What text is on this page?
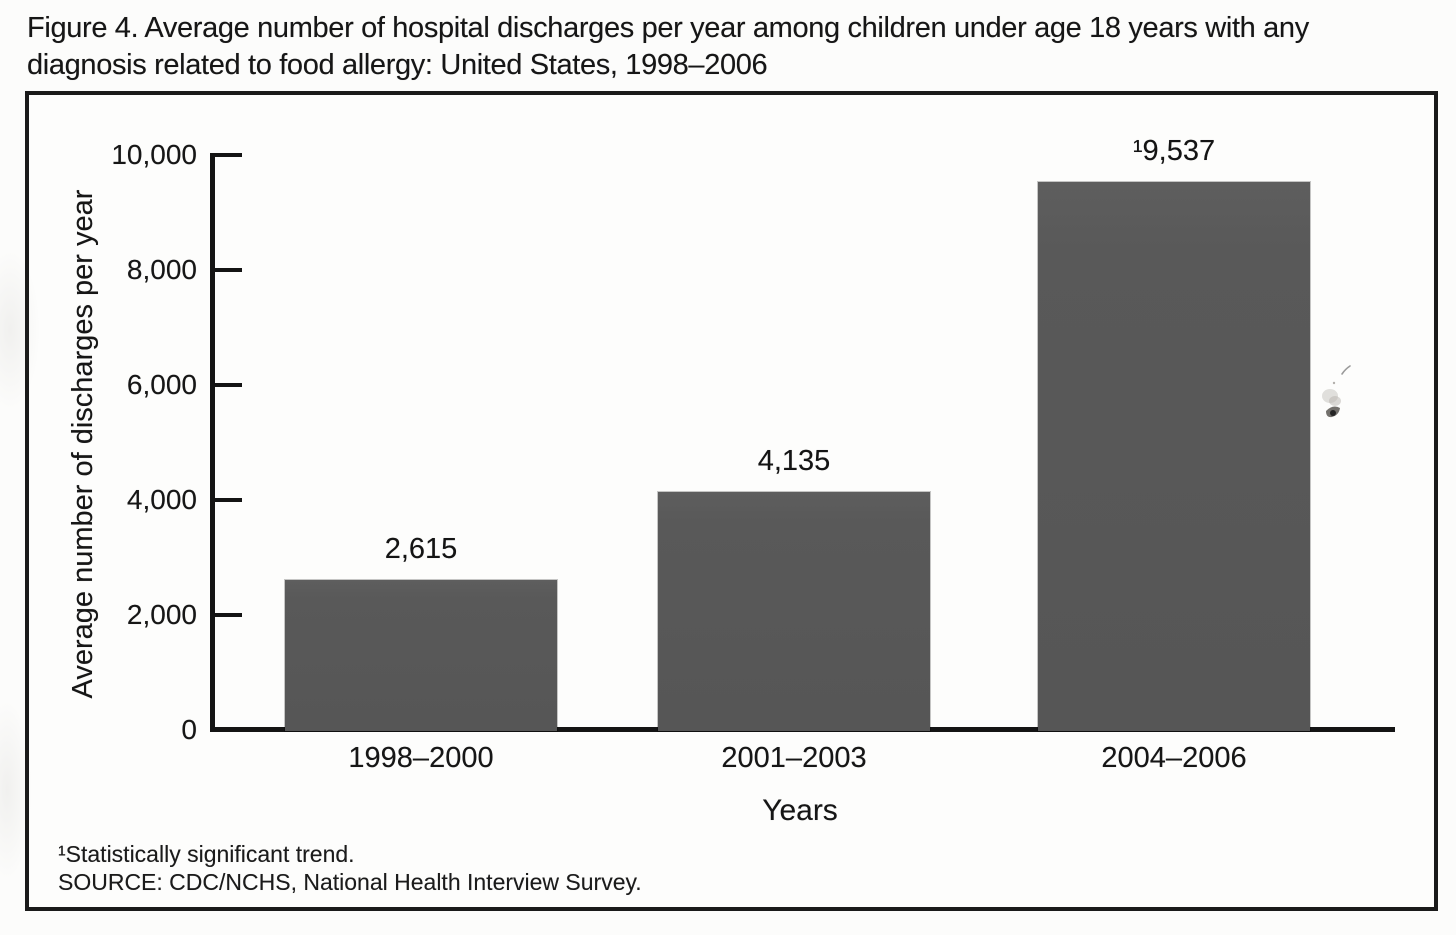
Figure 4. Average number of hospital discharges per year among children under age 18 years with any diagnosis related to food allergy: United States, 1998–2006
Average number of discharges per year
10,000
8,000
6,000
4,000
2,000
0
2,615
4,135
¹9,537
1998–2000	2001–2003	2004–2006
Years
¹Statistically significant trend.
SOURCE: CDC/NCHS, National Health Interview Survey.
